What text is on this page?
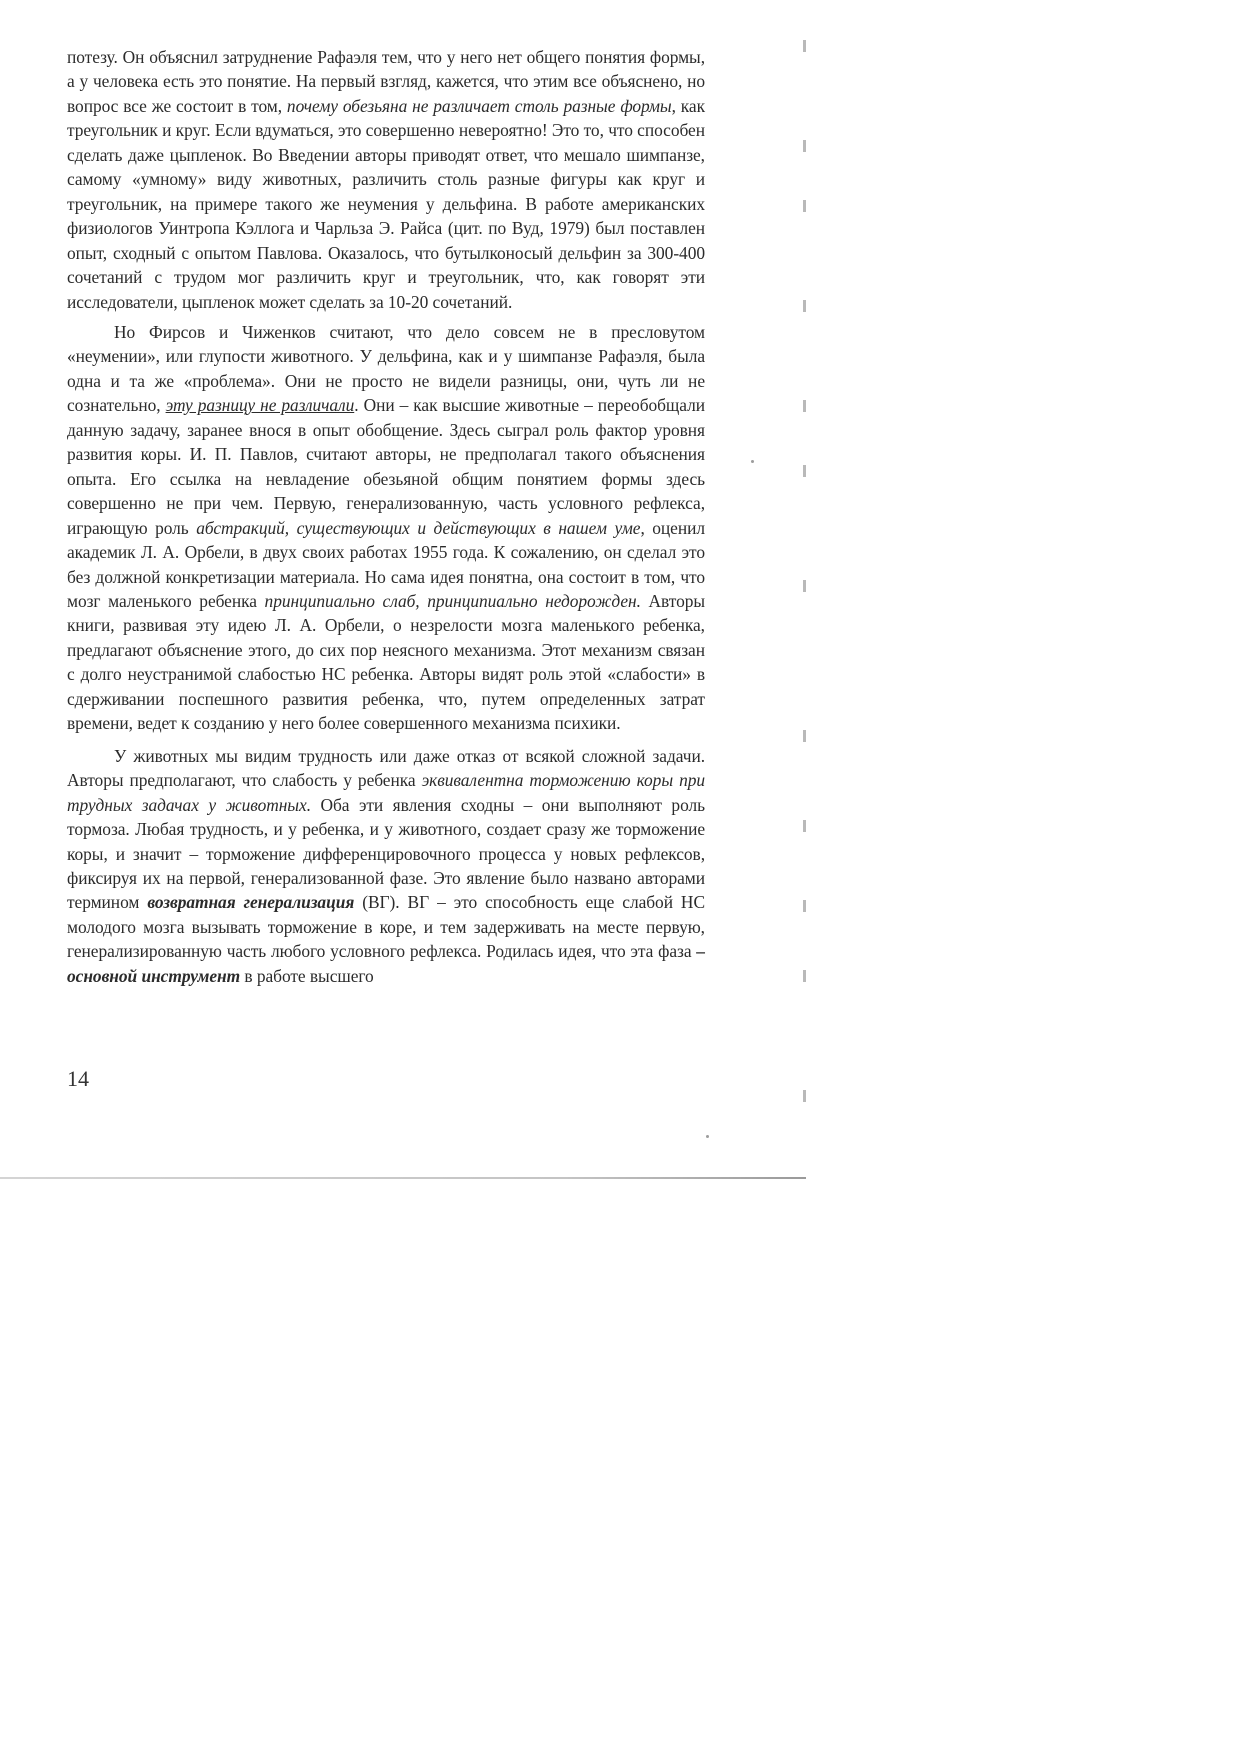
потезу. Он объяснил затруднение Рафаэля тем, что у него нет общего понятия формы, а у человека есть это понятие. На первый взгляд, кажется, что этим все объяснено, но вопрос все же состоит в том, почему обезьяна не различает столь разные формы, как треугольник и круг. Если вдуматься, это совершенно невероятно! Это то, что способен сделать даже цыпленок. Во Введении авторы приводят ответ, что мешало шимпанзе, самому «умному» виду животных, различить столь разные фигуры как круг и треугольник, на примере такого же неумения у дельфина. В работе американских физиологов Уинтропа Кэллога и Чарльза Э. Райса (цит. по Вуд, 1979) был поставлен опыт, сходный с опытом Павлова. Оказалось, что бутылконосый дельфин за 300-400 сочетаний с трудом мог различить круг и треугольник, что, как говорят эти исследователи, цыпленок может сделать за 10-20 сочетаний.

Но Фирсов и Чиженков считают, что дело совсем не в пресловутом «неумении», или глупости животного. У дельфина, как и у шимпанзе Рафаэля, была одна и та же «проблема». Они не просто не видели разницы, они, чуть ли не сознательно, эту разницу не различали. Они – как высшие животные – переобобщали данную задачу, заранее внося в опыт обобщение. Здесь сыграл роль фактор уровня развития коры. И. П. Павлов, считают авторы, не предполагал такого объяснения опыта. Его ссылка на невладение обезьяной общим понятием формы здесь совершенно не при чем. Первую, генерализованную, часть условного рефлекса, играющую роль абстракций, существующих и действующих в нашем уме, оценил академик Л. А. Орбели, в двух своих работах 1955 года. К сожалению, он сделал это без должной конкретизации материала. Но сама идея понятна, она состоит в том, что мозг маленького ребенка принципиально слаб, принципиально недорожден. Авторы книги, развивая эту идею Л. А. Орбели, о незрелости мозга маленького ребенка, предлагают объяснение этого, до сих пор неясного механизма. Этот механизм связан с долго неустранимой слабостью НС ребенка. Авторы видят роль этой «слабости» в сдерживании поспешного развития ребенка, что, путем определенных затрат времени, ведет к созданию у него более совершенного механизма психики.

У животных мы видим трудность или даже отказ от всякой сложной задачи. Авторы предполагают, что слабость у ребенка эквивалентна торможению коры при трудных задачах у животных. Оба эти явления сходны – они выполняют роль тормоза. Любая трудность, и у ребенка, и у животного, создает сразу же торможение коры, и значит – торможение дифференцировочного процесса у новых рефлексов, фиксируя их на первой, генерализованной фазе. Это явление было названо авторами термином возвратная генерализация (ВГ). ВГ – это способность еще слабой НС молодого мозга вызывать торможение в коре, и тем задерживать на месте первую, генерализированную часть любого условного рефлекса. Родилась идея, что эта фаза – основной инструмент в работе высшего

14
